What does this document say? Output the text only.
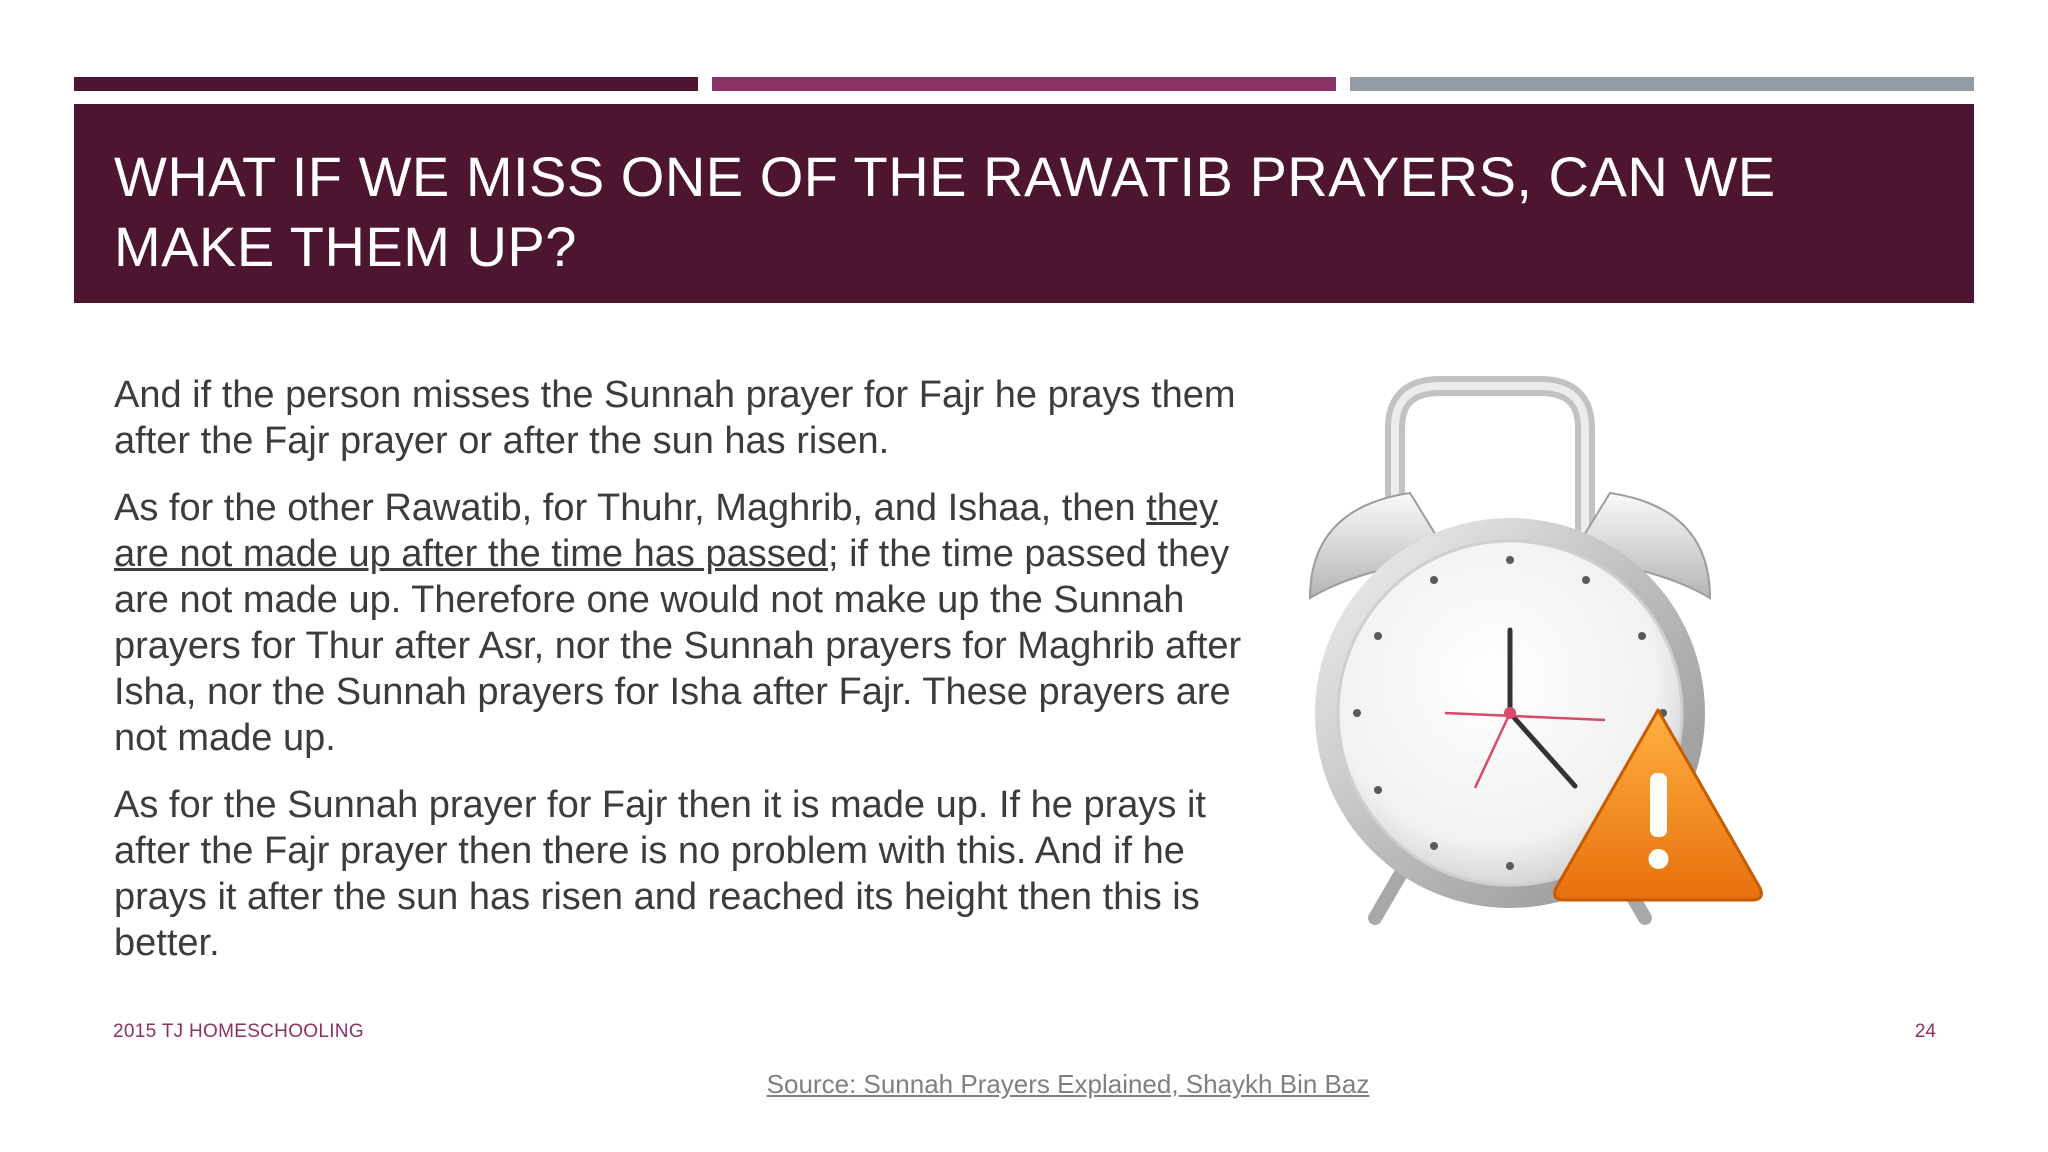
WHAT IF WE MISS ONE OF THE RAWATIB PRAYERS, CAN WE MAKE THEM UP?

And if the person misses the Sunnah prayer for Fajr he prays them after the Fajr prayer or after the sun has risen.

As for the other Rawatib, for Thuhr, Maghrib, and Ishaa, then they are not made up after the time has passed; if the time passed they are not made up. Therefore one would not make up the Sunnah prayers for Thur after Asr, nor the Sunnah prayers for Maghrib after Isha, nor the Sunnah prayers for Isha after Fajr. These prayers are not made up.

As for the Sunnah prayer for Fajr then it is made up. If he prays it after the Fajr prayer then there is no problem with this. And if he prays it after the sun has risen and reached its height then this is better.

2015 TJ HOMESCHOOLING	24
Source: Sunnah Prayers Explained, Shaykh Bin Baz
